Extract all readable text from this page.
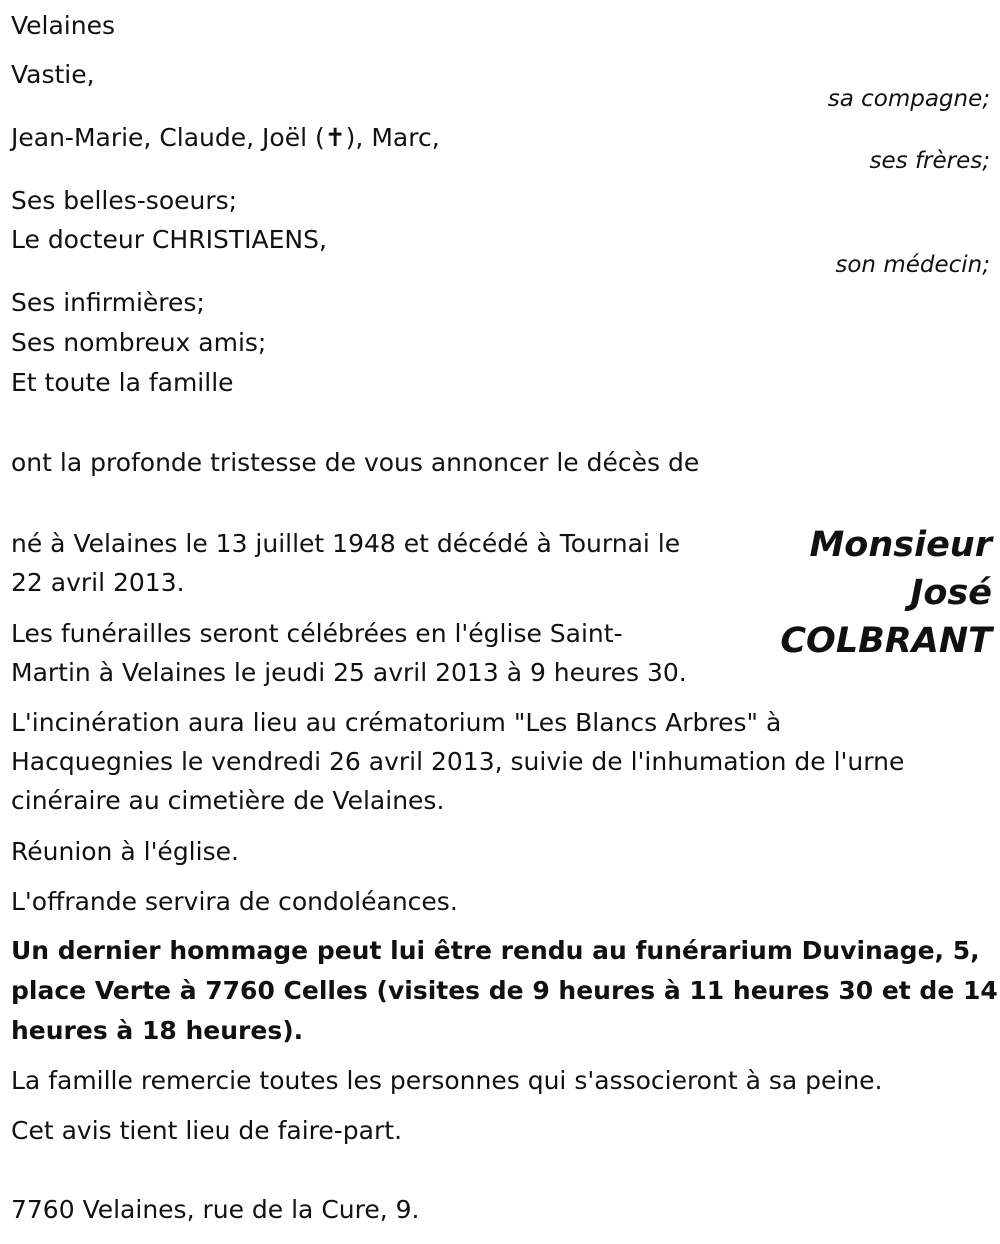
Velaines
Vastie,
sa compagne;
Jean-Marie, Claude, Joël (✝), Marc,
ses frères;
Ses belles-soeurs;
Le docteur CHRISTIAENS,
son médecin;
Ses infirmières;
Ses nombreux amis;
Et toute la famille
ont la profonde tristesse de vous annoncer le décès de
Monsieur
José
COLBRANT
né à Velaines le 13 juillet 1948 et décédé à Tournai le
22 avril 2013.
Les funérailles seront célébrées en l'église Saint-
Martin à Velaines le jeudi 25 avril 2013 à 9 heures 30.
L'incinération aura lieu au crématorium "Les Blancs Arbres" à
Hacquegnies le vendredi 26 avril 2013, suivie de l'inhumation de l'urne
cinéraire au cimetière de Velaines.
Réunion à l'église.
L'offrande servira de condoléances.
Un dernier hommage peut lui être rendu au funérarium Duvinage, 5,
place Verte à 7760 Celles (visites de 9 heures à 11 heures 30 et de 14
heures à 18 heures).
La famille remercie toutes les personnes qui s'associeront à sa peine.
Cet avis tient lieu de faire-part.
7760 Velaines, rue de la Cure, 9.
